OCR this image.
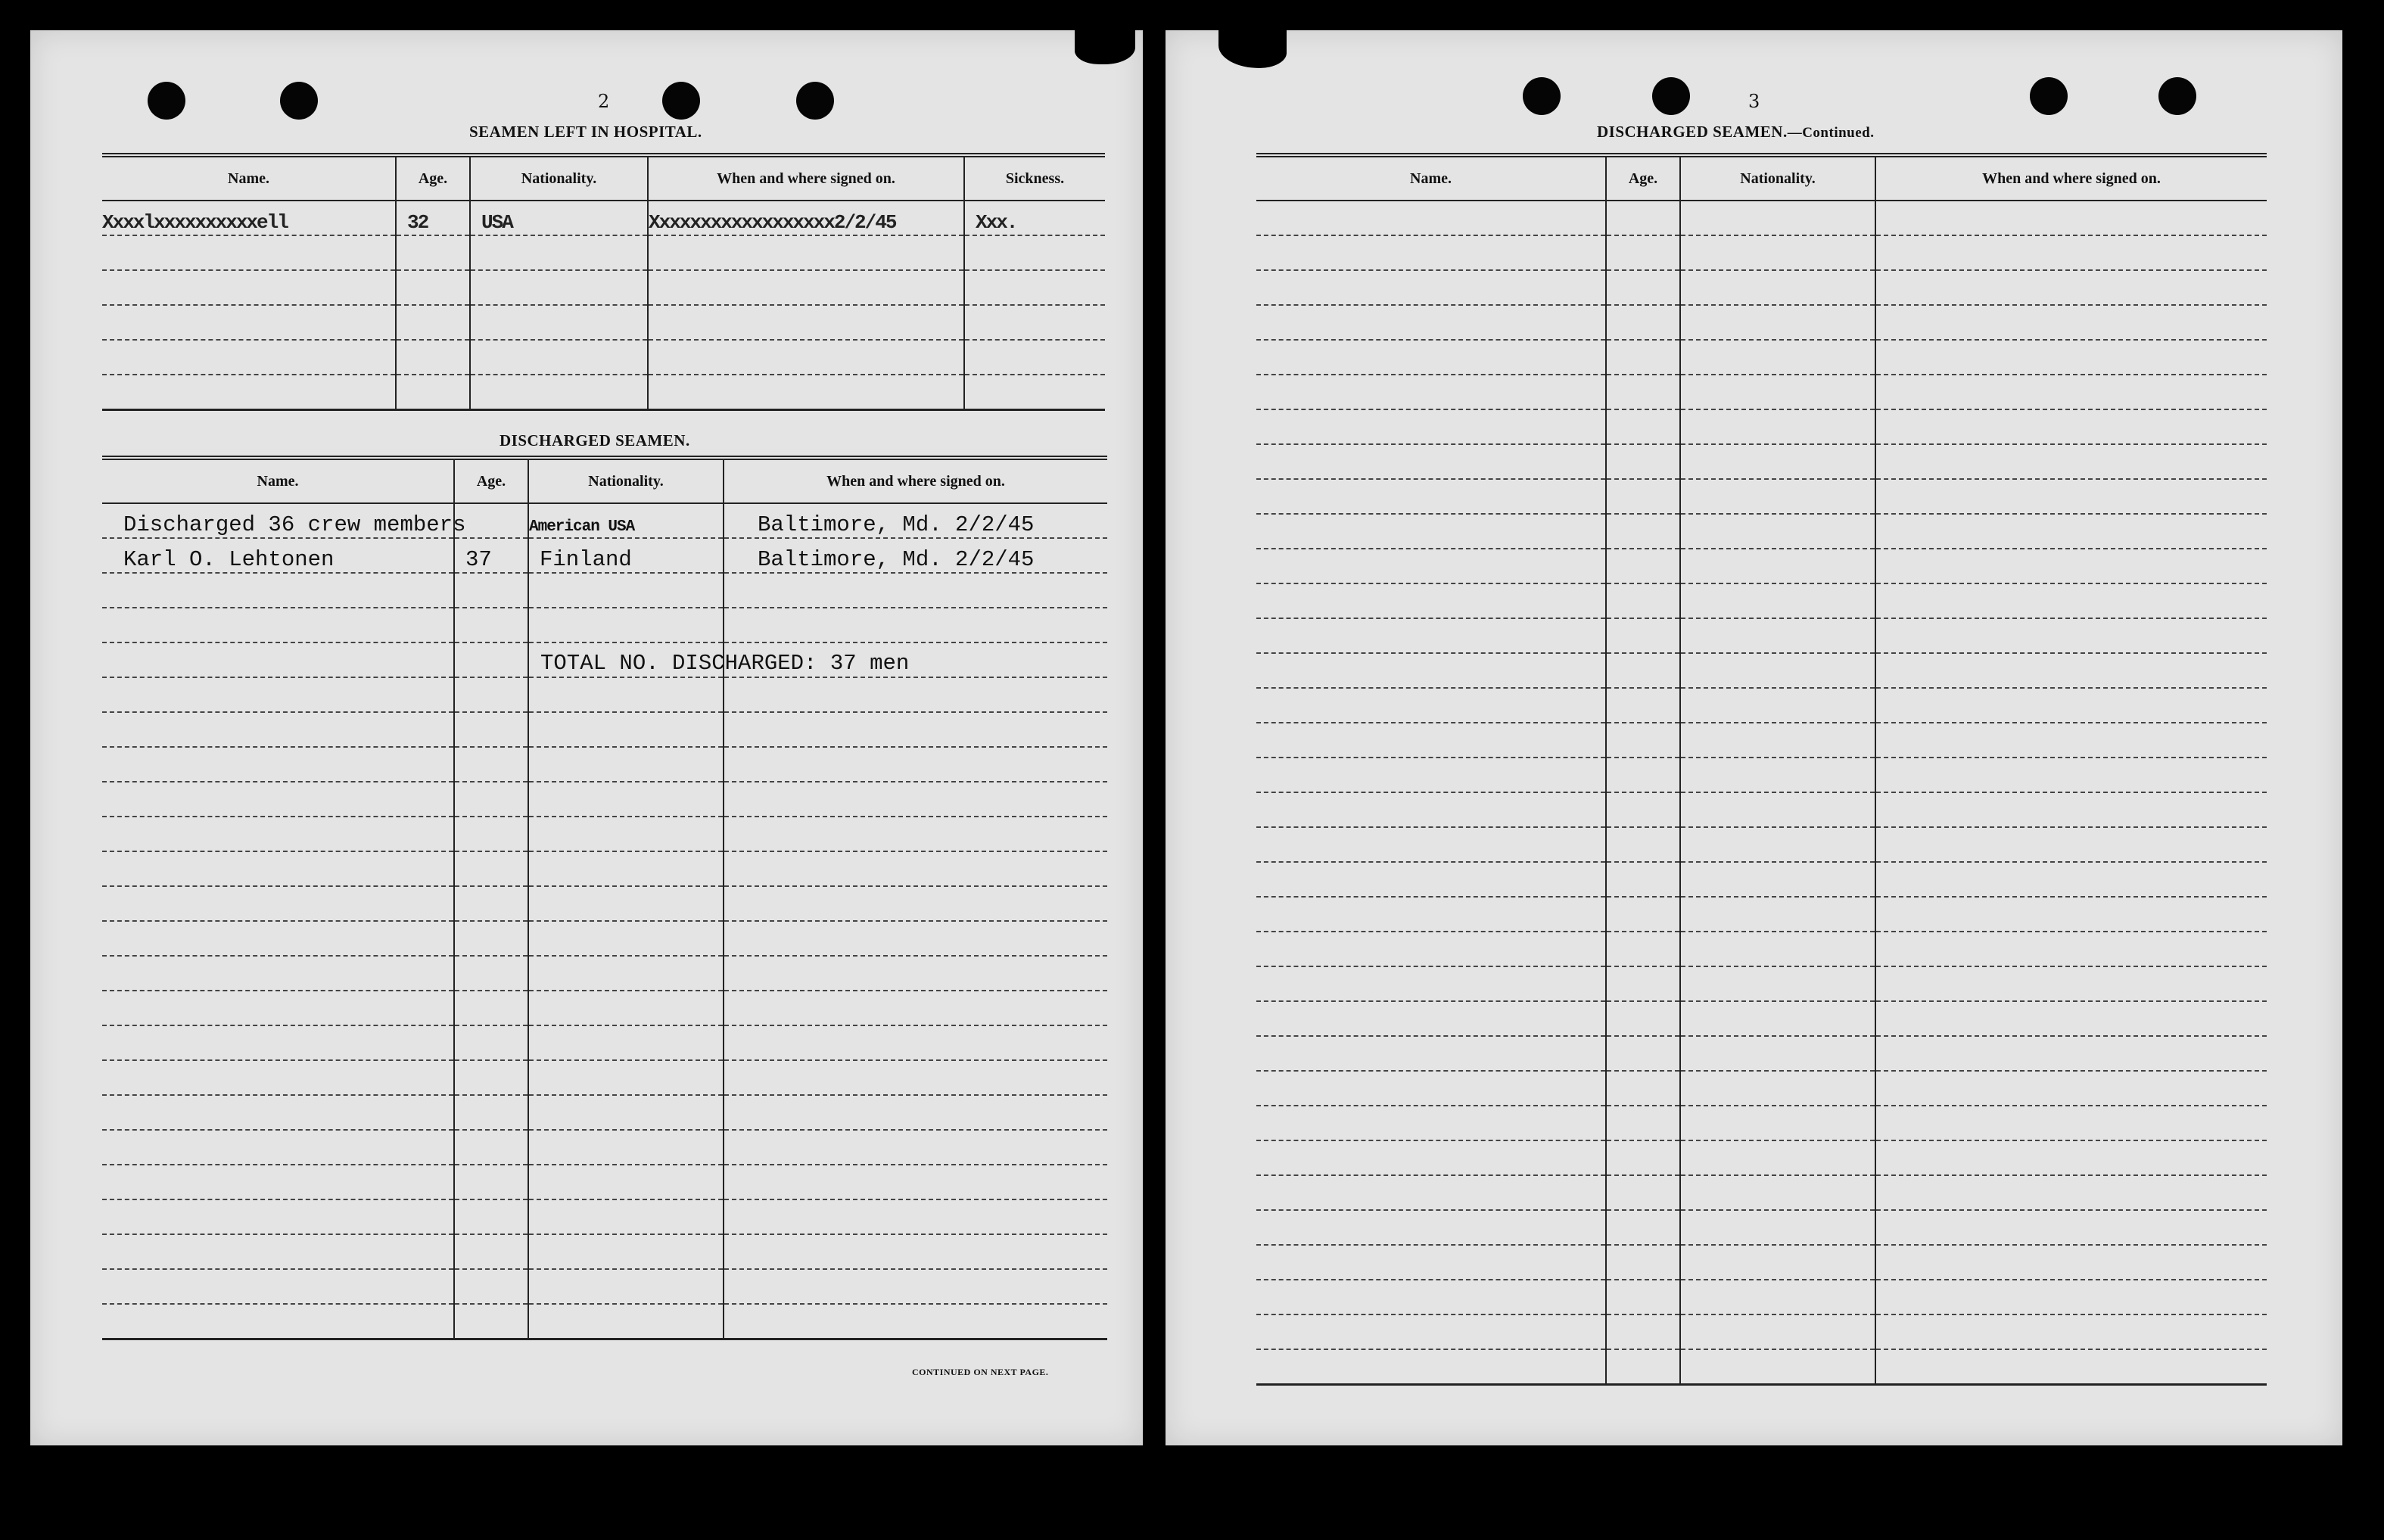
2
SEAMEN LEFT IN HOSPITAL.
Name.	Age.	Nationality.	When and where signed on.	Sickness.
Xxxxlxxxxxxxxxxell	32	USA	Xxxxxxxxxxxxxxxxxx2/2/45	Xxx.

DISCHARGED SEAMEN.
Name.	Age.	Nationality.	When and where signed on.
Discharged 36 crew members		American USA	Baltimore, Md. 2/2/45
Karl O. Lehtonen	37	Finland	Baltimore, Md. 2/2/45

TOTAL NO. DISCHARGED: 37 men
CONTINUED ON NEXT PAGE.
3
DISCHARGED SEAMEN.—Continued.
Name.	Age.	Nationality.	When and where signed on.
